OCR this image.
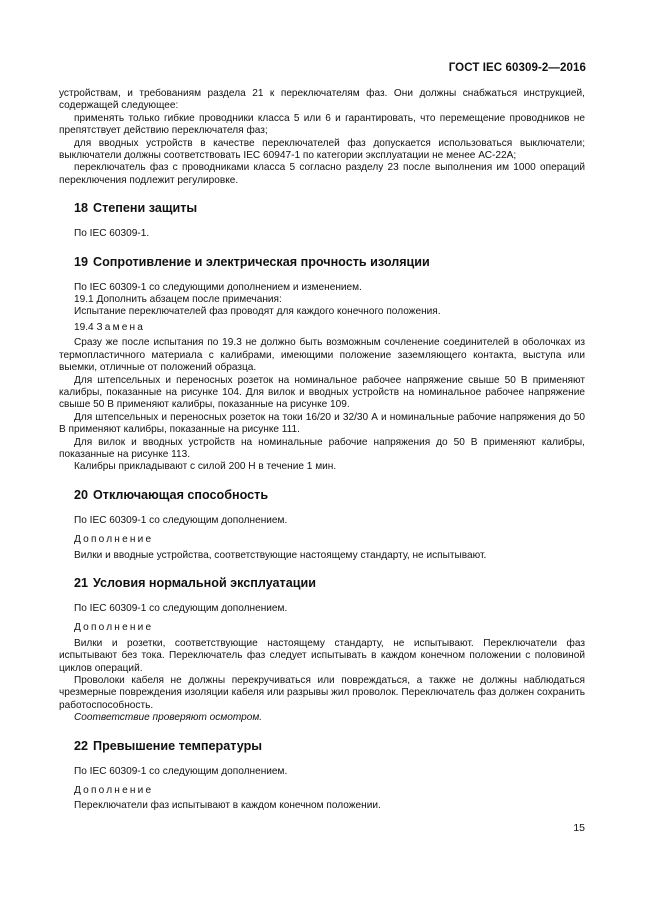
ГОСТ IEC 60309-2—2016

устройствам, и требованиям раздела 21 к переключателям фаз. Они должны снабжаться инструкцией, содержащей следующее:

применять только гибкие проводники класса 5 или 6 и гарантировать, что перемещение проводников не препятствует действию переключателя фаз;

для вводных устройств в качестве переключателей фаз допускается использоваться выключатели; выключатели должны соответствовать IEC 60947-1 по категории эксплуатации не менее АС-22А;

переключатель фаз с проводниками класса 5 согласно разделу 23 после выполнения им 1000 операций переключения подлежит регулировке.

18 Степени защиты

По IEC 60309-1.

19 Сопротивление и электрическая прочность изоляции

По IEC 60309-1 со следующими дополнением и изменением.

19.1 Дополнить абзацем после примечания:

Испытание переключателей фаз проводят для каждого конечного положения.

19.4 Замена

Сразу же после испытания по 19.3 не должно быть возможным сочленение соединителей в оболочках из термопластичного материала с калибрами, имеющими положение заземляющего контакта, выступа или выемки, отличные от положений образца.

Для штепсельных и переносных розеток на номинальное рабочее напряжение свыше 50 В применяют калибры, показанные на рисунке 104. Для вилок и вводных устройств на номинальное рабочее напряжение свыше 50 В применяют калибры, показанные на рисунке 109.

Для штепсельных и переносных розеток на токи 16/20 и 32/30 А и номинальные рабочие напряжения до 50 В применяют калибры, показанные на рисунке 111.

Для вилок и вводных устройств на номинальные рабочие напряжения до 50 В применяют калибры, показанные на рисунке 113.

Калибры прикладывают с силой 200 Н в течение 1 мин.

20 Отключающая способность

По IEC 60309-1 со следующим дополнением.

Дополнение

Вилки и вводные устройства, соответствующие настоящему стандарту, не испытывают.

21 Условия нормальной эксплуатации

По IEC 60309-1 со следующим дополнением.

Дополнение

Вилки и розетки, соответствующие настоящему стандарту, не испытывают. Переключатели фаз испытывают без тока. Переключатель фаз следует испытывать в каждом конечном положении с половиной циклов операций.

Проволоки кабеля не должны перекручиваться или повреждаться, а также не должны наблюдаться чрезмерные повреждения изоляции кабеля или разрывы жил проволок. Переключатель фаз должен сохранить работоспособность.

Соответствие проверяют осмотром.

22 Превышение температуры

По IEC 60309-1 со следующим дополнением.

Дополнение

Переключатели фаз испытывают в каждом конечном положении.

15
